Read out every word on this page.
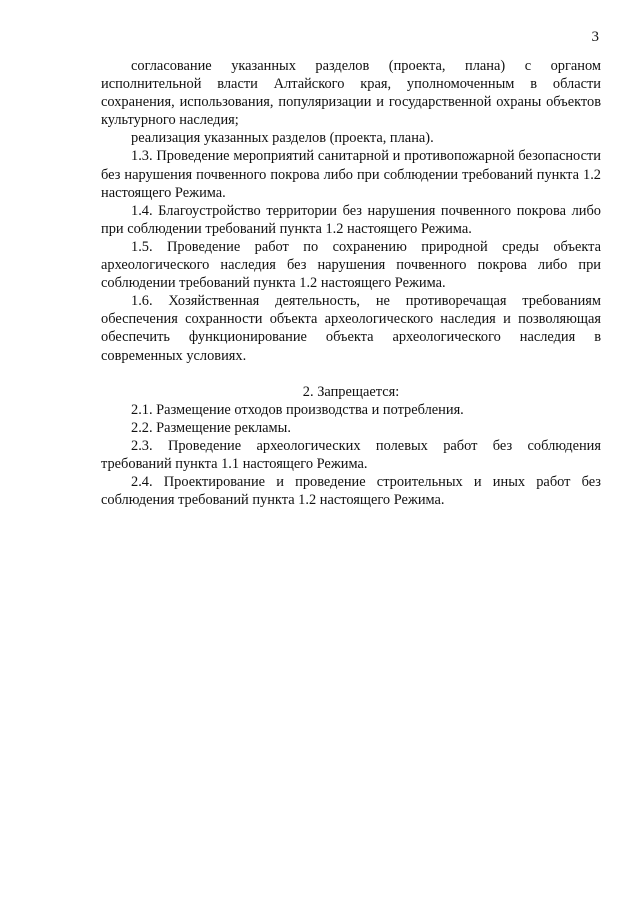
3

согласование указанных разделов (проекта, плана) с органом исполнительной власти Алтайского края, уполномоченным в области сохранения, использования, популяризации и государственной охраны объектов культурного наследия;

реализация указанных разделов (проекта, плана).

1.3. Проведение мероприятий санитарной и противопожарной безопасности без нарушения почвенного покрова либо при соблюдении требований пункта 1.2 настоящего Режима.

1.4. Благоустройство территории без нарушения почвенного покрова либо при соблюдении требований пункта 1.2 настоящего Режима.

1.5. Проведение работ по сохранению природной среды объекта археологического наследия без нарушения почвенного покрова либо при соблюдении требований пункта 1.2 настоящего Режима.

1.6. Хозяйственная деятельность, не противоречащая требованиям обеспечения сохранности объекта археологического наследия и позволяющая обеспечить функционирование объекта археологического наследия в современных условиях.

2. Запрещается:

2.1. Размещение отходов производства и потребления.

2.2. Размещение рекламы.

2.3. Проведение археологических полевых работ без соблюдения требований пункта 1.1 настоящего Режима.

2.4. Проектирование и проведение строительных и иных работ без соблюдения требований пункта 1.2 настоящего Режима.
